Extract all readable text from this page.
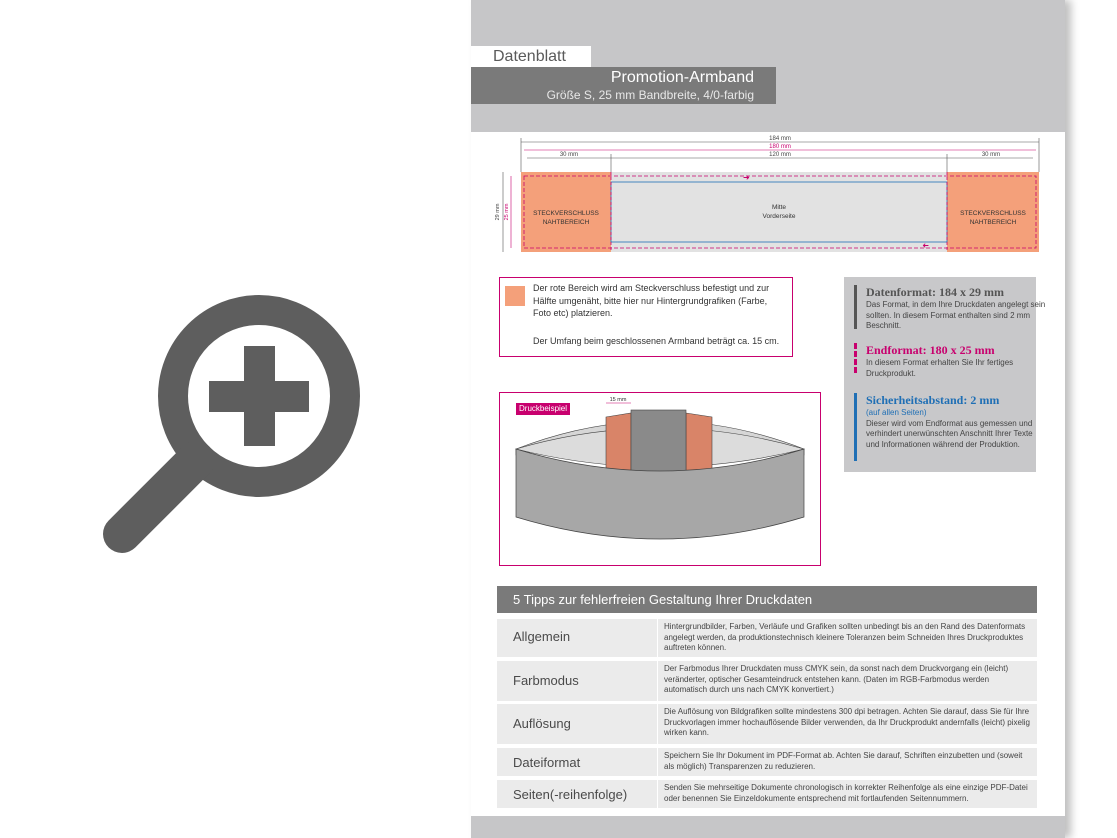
Datenblatt
Promotion-Armband
Größe S, 25 mm Bandbreite, 4/0-farbig
184 mm
180 mm
30 mm	120 mm	30 mm
29 mm 25 mm
➜
➜
STECKVERSCHLUSS
NAHTBEREICH
Mitte
Vorderseite	STECKVERSCHLUSS
NAHTBEREICH
Der rote Bereich wird am Steckverschluss befestigt und zur Hälfte umgenäht, bitte hier nur Hintergrundgrafiken (Farbe, Foto etc) platzieren.
Der Umfang beim geschlossenen Armband beträgt ca. 15 cm.
Datenformat: 184 x 29 mm
Das Format, in dem Ihre Druckdaten angelegt sein sollten. In diesem Format enthalten sind 2 mm Beschnitt.
Endformat: 180 x 25 mm
In diesem Format erhalten Sie Ihr fertiges Druckprodukt.
Sicherheitsabstand: 2 mm
(auf allen Seiten)
Dieser wird vom Endformat aus gemessen und verhindert unerwünschten Anschnitt Ihrer Texte und Informationen während der Produktion.
Druckbeispiel
15 mm
5 Tipps zur fehlerfreien Gestaltung Ihrer Druckdaten
Allgemein
Hintergrundbilder, Farben, Verläufe und Grafiken sollten unbedingt bis an den Rand des Datenformats angelegt werden, da produktionstechnisch kleinere Toleranzen beim Schneiden Ihres Druckproduktes auftreten können.
Farbmodus
Der Farbmodus Ihrer Druckdaten muss CMYK sein, da sonst nach dem Druckvorgang ein (leicht) veränderter, optischer Gesamteindruck entstehen kann. (Daten im RGB-Farbmodus werden automatisch durch uns nach CMYK konvertiert.)
Auflösung
Die Auflösung von Bildgrafiken sollte mindestens 300 dpi betragen. Achten Sie darauf, dass Sie für Ihre Druckvorlagen immer hochauflösende Bilder verwenden, da Ihr Druckprodukt andernfalls (leicht) pixelig wirken kann.
Dateiformat	Speichern Sie Ihr Dokument im PDF-Format ab. Achten Sie darauf, Schriften einzubetten und (soweit als möglich) Transparenzen zu reduzieren.
Seiten(-reihenfolge)	Senden Sie mehrseitige Dokumente chronologisch in korrekter Reihenfolge als eine einzige PDF-Datei oder benennen Sie Einzeldokumente entsprechend mit fortlaufenden Seitennummern.
